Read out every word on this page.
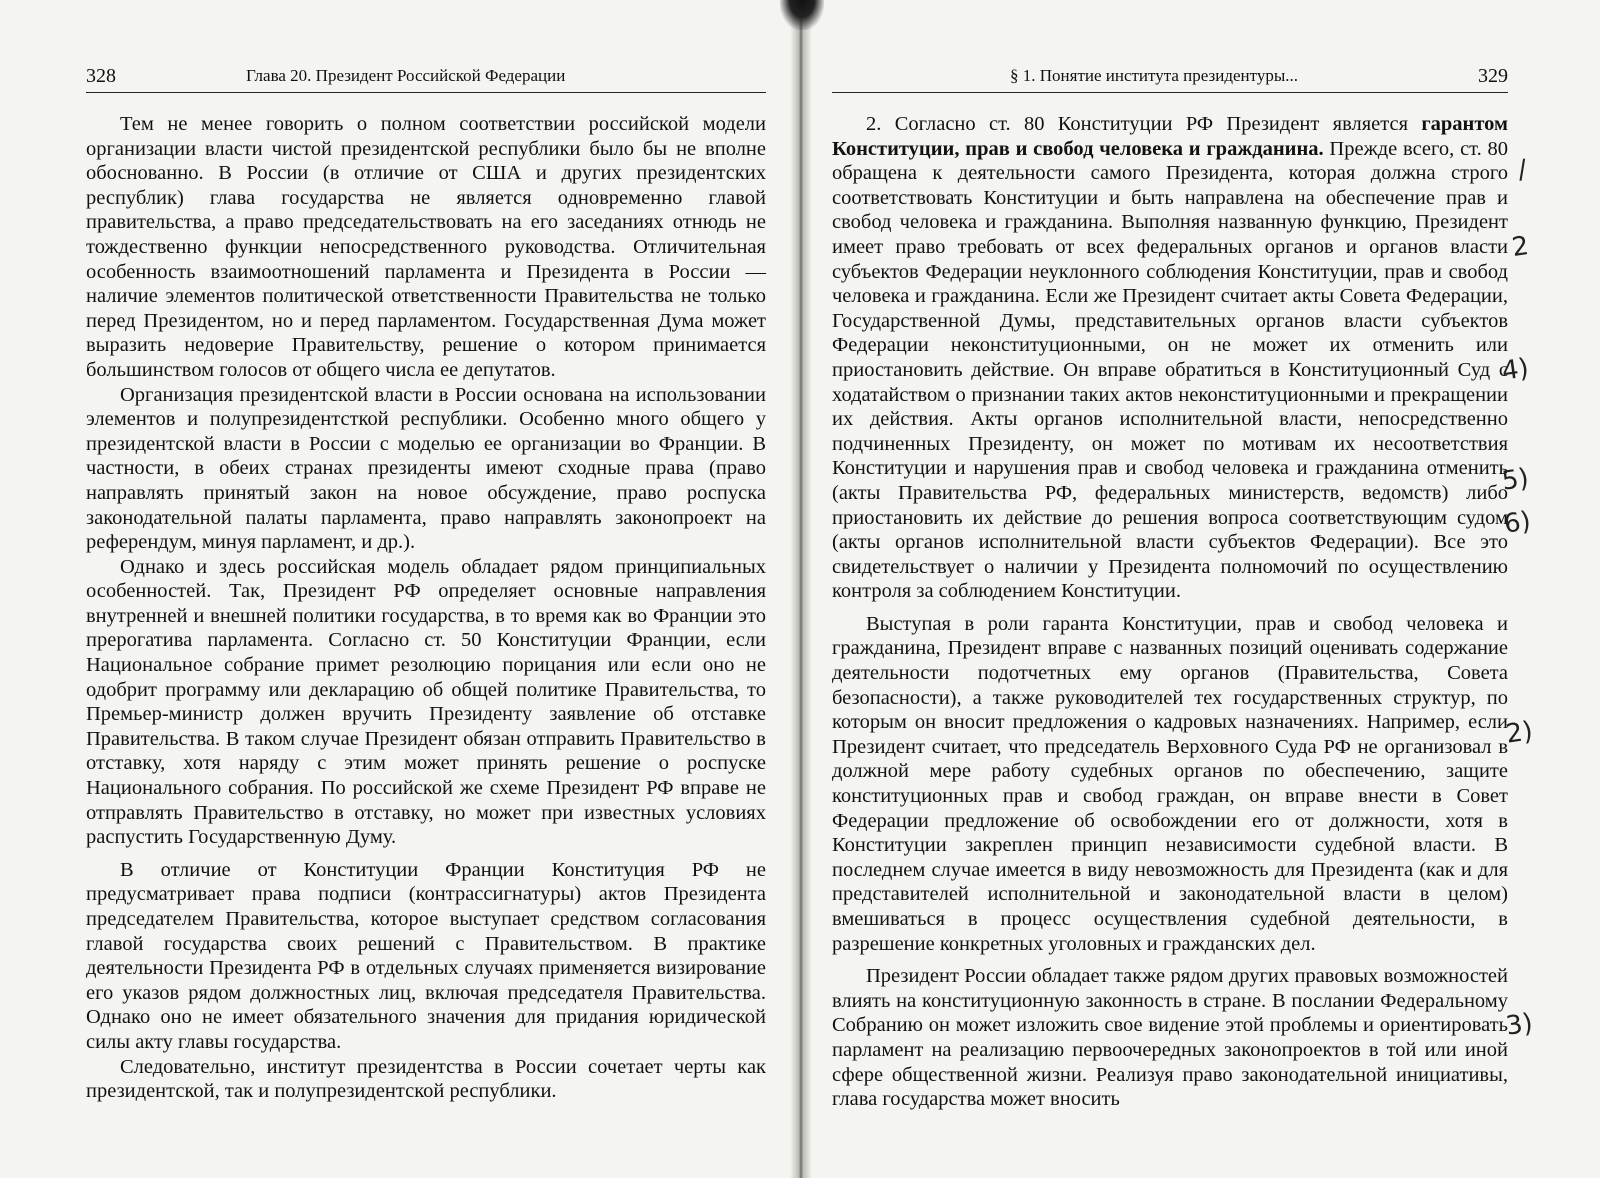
328	Глава 20. Президент Российской Федерации

Тем не менее говорить о полном соответствии российской модели организации власти чистой президентской республики было бы не вполне обоснованно. В России (в отличие от США и других президентских республик) глава государства не является одновременно главой правительства, а право председательствовать на его заседаниях отнюдь не тождественно функции непосредственного руководства. Отличительная особенность взаимоотношений парламента и Президента в России — наличие элементов политической ответственности Правительства не только перед Президентом, но и перед парламентом. Государственная Дума может выразить недоверие Правительству, решение о котором принимается большинством голосов от общего числа ее депутатов.

Организация президентской власти в России основана на использовании элементов и полупрезидентсткой республики. Особенно много общего у президентской власти в России с моделью ее организации во Франции. В частности, в обеих странах президенты имеют сходные права (право направлять принятый закон на новое обсуждение, право роспуска законодательной палаты парламента, право направлять законопроект на референдум, минуя парламент, и др.).

Однако и здесь российская модель обладает рядом принципиальных особенностей. Так, Президент РФ определяет основные направления внутренней и внешней политики государства, в то время как во Франции это прерогатива парламента. Согласно ст. 50 Конституции Франции, если Национальное собрание примет резолюцию порицания или если оно не одобрит программу или декларацию об общей политике Правительства, то Премьер-министр должен вручить Президенту заявление об отставке Правительства. В таком случае Президент обязан отправить Правительство в отставку, хотя наряду с этим может принять решение о роспуске Национального собрания. По российской же схеме Президент РФ вправе не отправлять Правительство в отставку, но может при известных условиях распустить Государственную Думу.

В отличие от Конституции Франции Конституция РФ не предусматривает права подписи (контрассигнатуры) актов Президента председателем Правительства, которое выступает средством согласования главой государства своих решений с Правительством. В практике деятельности Президента РФ в отдельных случаях применяется визирование его указов рядом должностных лиц, включая председателя Правительства. Однако оно не имеет обязательного значения для придания юридической силы акту главы государства.

Следовательно, институт президентства в России сочетает черты как президентской, так и полупрезидентской республики.

§ 1. Понятие института президентуры...	329

2. Согласно ст. 80 Конституции РФ Президент является гарантом Конституции, прав и свобод человека и гражданина. Прежде всего, ст. 80 обращена к деятельности самого Президента, которая должна строго соответствовать Конституции и быть направлена на обеспечение прав и свобод человека и гражданина. Выполняя названную функцию, Президент имеет право требовать от всех федеральных органов и органов власти субъектов Федерации неуклонного соблюдения Конституции, прав и свобод человека и гражданина. Если же Президент считает акты Совета Федерации, Государственной Думы, представительных органов власти субъектов Федерации неконституционными, он не может их отменить или приостановить действие. Он вправе обратиться в Конституционный Суд с ходатайством о признании таких актов неконституционными и прекращении их действия. Акты органов исполнительной власти, непосредственно подчиненных Президенту, он может по мотивам их несоответствия Конституции и нарушения прав и свобод человека и гражданина отменить (акты Правительства РФ, федеральных министерств, ведомств) либо приостановить их действие до решения вопроса соответствующим судом (акты органов исполнительной власти субъектов Федерации). Все это свидетельствует о наличии у Президента полномочий по осуществлению контроля за соблюдением Конституции.

Выступая в роли гаранта Конституции, прав и свобод человека и гражданина, Президент вправе с названных позиций оценивать содержание деятельности подотчетных ему органов (Правительства, Совета безопасности), а также руководителей тех государственных структур, по которым он вносит предложения о кадровых назначениях. Например, если Президент считает, что председатель Верховного Суда РФ не организовал в должной мере работу судебных органов по обеспечению, защите конституционных прав и свобод граждан, он вправе внести в Совет Федерации предложение об освобождении его от должности, хотя в Конституции закреплен принцип независимости судебной власти. В последнем случае имеется в виду невозможность для Президента (как и для представителей исполнительной и законодательной власти в целом) вмешиваться в процесс осуществления судебной деятельности, в разрешение конкретных уголовных и гражданских дел.

Президент России обладает также рядом других правовых возможностей влиять на конституционную законность в стране. В послании Федеральному Собранию он может изложить свое видение этой проблемы и ориентировать парламент на реализацию первоочередных законопроектов в той или иной сфере общественной жизни. Реализуя право законодательной инициативы, глава государства может вносить

/
2
4)
5)
6)
2)
3)
